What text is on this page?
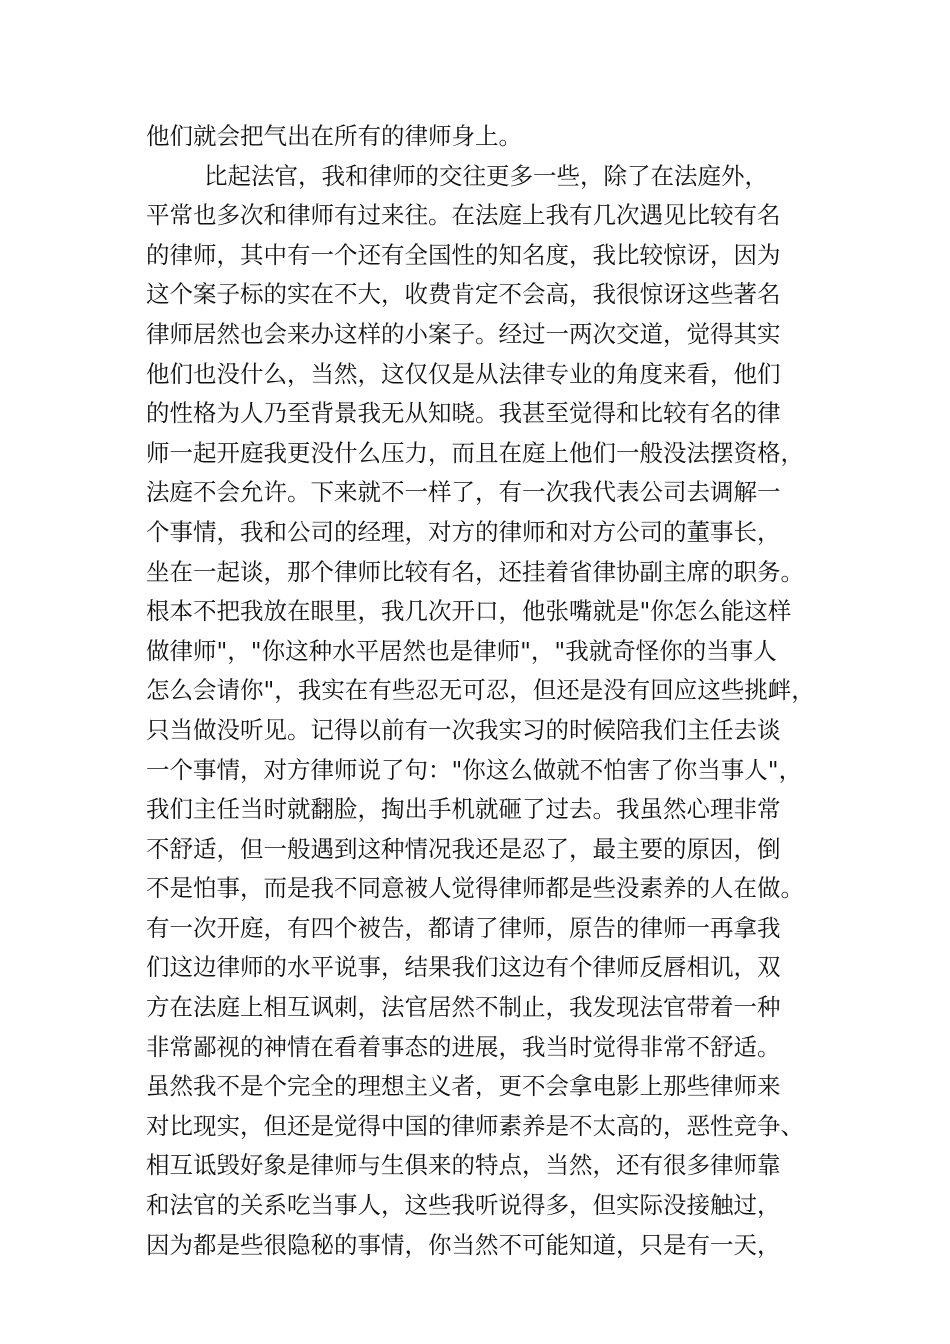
他们就会把气出在所有的律师身上。
比起法官，我和律师的交往更多一些，除了在法庭外，
平常也多次和律师有过来往。在法庭上我有几次遇见比较有名
的律师，其中有一个还有全国性的知名度，我比较惊讶，因为
这个案子标的实在不大，收费肯定不会高，我很惊讶这些著名
律师居然也会来办这样的小案子。经过一两次交道，觉得其实
他们也没什么，当然，这仅仅是从法律专业的角度来看，他们
的性格为人乃至背景我无从知晓。我甚至觉得和比较有名的律
师一起开庭我更没什么压力，而且在庭上他们一般没法摆资格，
法庭不会允许。下来就不一样了，有一次我代表公司去调解一
个事情，我和公司的经理，对方的律师和对方公司的董事长，
坐在一起谈，那个律师比较有名，还挂着省律协副主席的职务。
根本不把我放在眼里，我几次开口，他张嘴就是"你怎么能这样
做律师"，"你这种水平居然也是律师"，"我就奇怪你的当事人
怎么会请你"，我实在有些忍无可忍，但还是没有回应这些挑衅，
只当做没听见。记得以前有一次我实习的时候陪我们主任去谈
一个事情，对方律师说了句："你这么做就不怕害了你当事人"，
我们主任当时就翻脸，掏出手机就砸了过去。我虽然心理非常
不舒适，但一般遇到这种情况我还是忍了，最主要的原因，倒
不是怕事，而是我不同意被人觉得律师都是些没素养的人在做。
有一次开庭，有四个被告，都请了律师，原告的律师一再拿我
们这边律师的水平说事，结果我们这边有个律师反唇相讥，双
方在法庭上相互讽刺，法官居然不制止，我发现法官带着一种
非常鄙视的神情在看着事态的进展，我当时觉得非常不舒适。
虽然我不是个完全的理想主义者，更不会拿电影上那些律师来
对比现实，但还是觉得中国的律师素养是不太高的，恶性竞争、
相互诋毁好象是律师与生俱来的特点，当然，还有很多律师靠
和法官的关系吃当事人，这些我听说得多，但实际没接触过，
因为都是些很隐秘的事情，你当然不可能知道，只是有一天，
